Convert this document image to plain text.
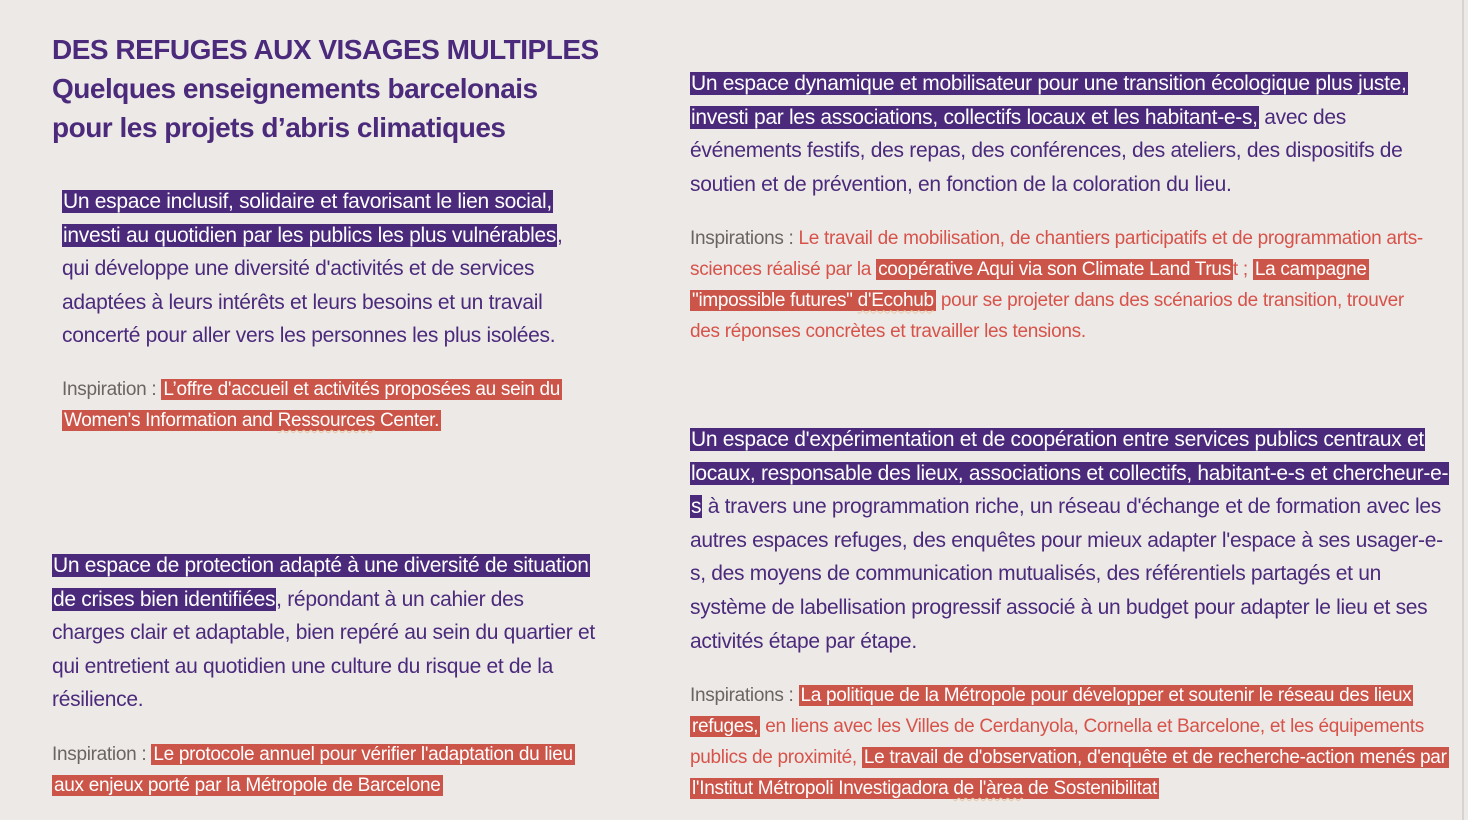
DES REFUGES AUX VISAGES MULTIPLES
Quelques enseignements barcelonais
pour les projets d’abris climatiques

Un espace inclusif, solidaire et favorisant le lien social, investi au quotidien par les publics les plus vulnérables, qui développe une diversité d'activités et de services adaptées à leurs intérêts et leurs besoins et un travail concerté pour aller vers les personnes les plus isolées.

Inspiration : L’offre d'accueil et activités proposées au sein du Women's Information and Ressources Center.

Un espace de protection adapté à une diversité de situation de crises bien identifiées, répondant à un cahier des charges clair et adaptable, bien repéré au sein du quartier et qui entretient au quotidien une culture du risque et de la résilience.

Inspiration : Le protocole annuel pour vérifier l'adaptation du lieu aux enjeux porté par la Métropole de Barcelone

Un espace dynamique et mobilisateur pour une transition écologique plus juste, investi par les associations, collectifs locaux et les habitant-e-s, avec des événements festifs, des repas, des conférences, des ateliers, des dispositifs de soutien et de prévention, en fonction de la coloration du lieu.

Inspirations : Le travail de mobilisation, de chantiers participatifs et de programmation arts-sciences réalisé par la coopérative Aqui via son Climate Land Trus t ; La campagne "impossible futures" d'Ecohub pour se projeter dans des scénarios de transition, trouver des réponses concrètes et travailler les tensions.

Un espace d'expérimentation et de coopération entre services publics centraux et locaux, responsable des lieux, associations et collectifs, habitant-e-s et chercheur-e-s à travers une programmation riche, un réseau d'échange et de formation avec les autres espaces refuges, des enquêtes pour mieux adapter l'espace à ses usager-e-s, des moyens de communication mutualisés, des référentiels partagés et un système de labellisation progressif associé à un budget pour adapter le lieu et ses activités étape par étape.

Inspirations : La politique de la Métropole pour développer et soutenir le réseau des lieux refuges, en liens avec les Villes de Cerdanyola, Cornella et Barcelone, et les équipements publics de proximité, Le travail de d'observation, d'enquête et de recherche-action menés par l'Institut Métropoli Investigadora de l'àrea de Sostenibilitat
